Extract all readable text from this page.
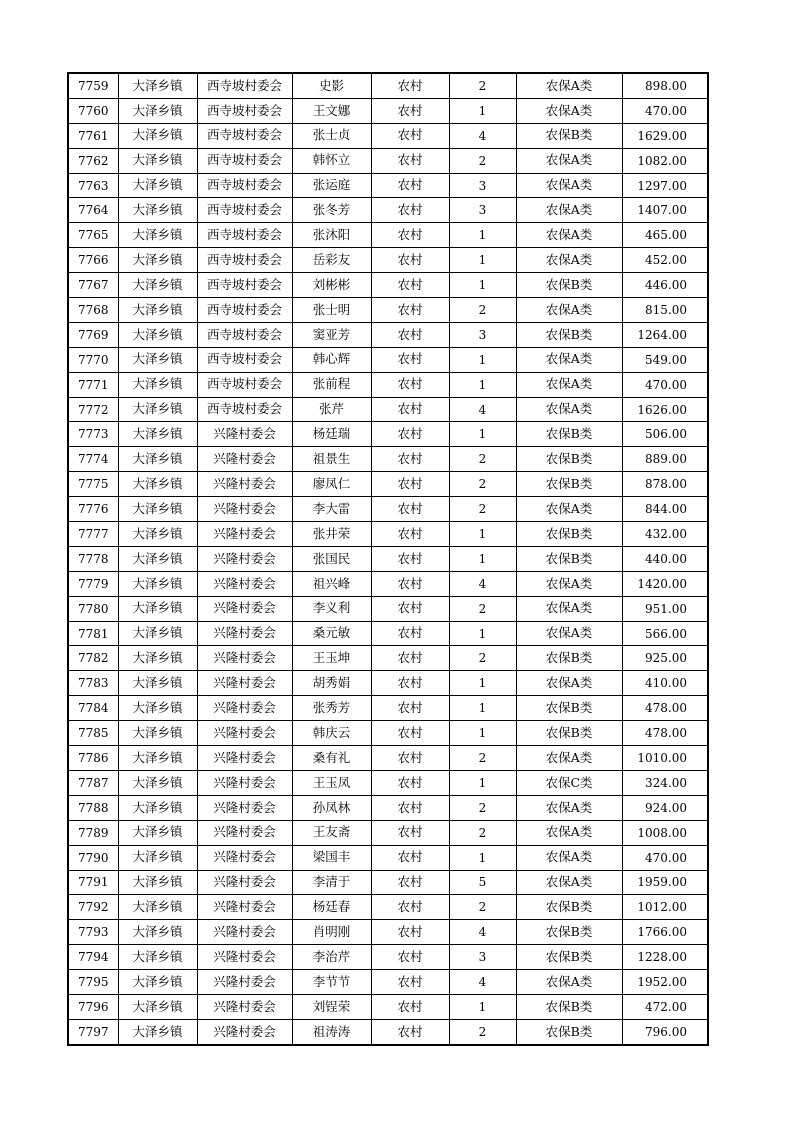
7759	大泽乡镇	西寺坡村委会	史影	农村	2	农保A类	898.00
7760	大泽乡镇	西寺坡村委会	王文娜	农村	1	农保A类	470.00
7761	大泽乡镇	西寺坡村委会	张士贞	农村	4	农保B类	1629.00
7762	大泽乡镇	西寺坡村委会	韩怀立	农村	2	农保A类	1082.00
7763	大泽乡镇	西寺坡村委会	张运庭	农村	3	农保A类	1297.00
7764	大泽乡镇	西寺坡村委会	张冬芳	农村	3	农保A类	1407.00
7765	大泽乡镇	西寺坡村委会	张沐阳	农村	1	农保A类	465.00
7766	大泽乡镇	西寺坡村委会	岳彩友	农村	1	农保A类	452.00
7767	大泽乡镇	西寺坡村委会	刘彬彬	农村	1	农保B类	446.00
7768	大泽乡镇	西寺坡村委会	张士明	农村	2	农保A类	815.00
7769	大泽乡镇	西寺坡村委会	窦亚芳	农村	3	农保B类	1264.00
7770	大泽乡镇	西寺坡村委会	韩心辉	农村	1	农保A类	549.00
7771	大泽乡镇	西寺坡村委会	张前程	农村	1	农保A类	470.00
7772	大泽乡镇	西寺坡村委会	张芹	农村	4	农保A类	1626.00
7773	大泽乡镇	兴隆村委会	杨廷瑞	农村	1	农保B类	506.00
7774	大泽乡镇	兴隆村委会	祖景生	农村	2	农保B类	889.00
7775	大泽乡镇	兴隆村委会	廖凤仁	农村	2	农保B类	878.00
7776	大泽乡镇	兴隆村委会	李大雷	农村	2	农保A类	844.00
7777	大泽乡镇	兴隆村委会	张井荣	农村	1	农保B类	432.00
7778	大泽乡镇	兴隆村委会	张国民	农村	1	农保B类	440.00
7779	大泽乡镇	兴隆村委会	祖兴峰	农村	4	农保A类	1420.00
7780	大泽乡镇	兴隆村委会	李义利	农村	2	农保A类	951.00
7781	大泽乡镇	兴隆村委会	桑元敏	农村	1	农保A类	566.00
7782	大泽乡镇	兴隆村委会	王玉坤	农村	2	农保B类	925.00
7783	大泽乡镇	兴隆村委会	胡秀娟	农村	1	农保A类	410.00
7784	大泽乡镇	兴隆村委会	张秀芳	农村	1	农保B类	478.00
7785	大泽乡镇	兴隆村委会	韩庆云	农村	1	农保B类	478.00
7786	大泽乡镇	兴隆村委会	桑有礼	农村	2	农保A类	1010.00
7787	大泽乡镇	兴隆村委会	王玉凤	农村	1	农保C类	324.00
7788	大泽乡镇	兴隆村委会	孙凤林	农村	2	农保A类	924.00
7789	大泽乡镇	兴隆村委会	王友斋	农村	2	农保A类	1008.00
7790	大泽乡镇	兴隆村委会	梁国丰	农村	1	农保A类	470.00
7791	大泽乡镇	兴隆村委会	李清于	农村	5	农保A类	1959.00
7792	大泽乡镇	兴隆村委会	杨廷春	农村	2	农保B类	1012.00
7793	大泽乡镇	兴隆村委会	肖明刚	农村	4	农保B类	1766.00
7794	大泽乡镇	兴隆村委会	李治芹	农村	3	农保B类	1228.00
7795	大泽乡镇	兴隆村委会	李节节	农村	4	农保A类	1952.00
7796	大泽乡镇	兴隆村委会	刘锃荣	农村	1	农保B类	472.00
7797	大泽乡镇	兴隆村委会	祖涛涛	农村	2	农保B类	796.00
